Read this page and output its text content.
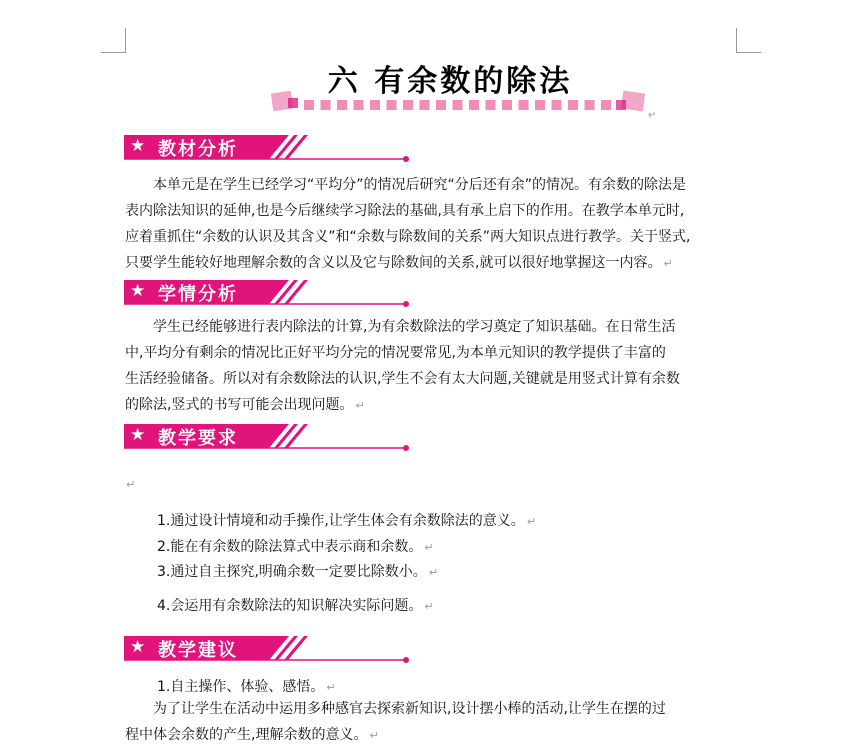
六 有余数的除法
↵
★ 教材分析
本单元是在学生已经学习“平均分”的情况后研究“分后还有余”的情况。有余数的除法是
表内除法知识的延伸,也是今后继续学习除法的基础,具有承上启下的作用。在教学本单元时,
应着重抓住“余数的认识及其含义”和“余数与除数间的关系”两大知识点进行教学。关于竖式,
只要学生能较好地理解余数的含义以及它与除数间的关系,就可以很好地掌握这一内容。 ↵
★ 学情分析
学生已经能够进行表内除法的计算,为有余数除法的学习奠定了知识基础。在日常生活
中,平均分有剩余的情况比正好平均分完的情况要常见,为本单元知识的教学提供了丰富的
生活经验储备。所以对有余数除法的认识,学生不会有太大问题,关键就是用竖式计算有余数
的除法,竖式的书写可能会出现问题。 ↵
★ 教学要求
↵
1.通过设计情境和动手操作,让学生体会有余数除法的意义。 ↵
2.能在有余数的除法算式中表示商和余数。 ↵
3.通过自主探究,明确余数一定要比除数小。 ↵
4.会运用有余数除法的知识解决实际问题。 ↵
★ 教学建议
1.自主操作、体验、感悟。 ↵
为了让学生在活动中运用多种感官去探索新知识,设计摆小棒的活动,让学生在摆的过
程中体会余数的产生,理解余数的意义。 ↵
